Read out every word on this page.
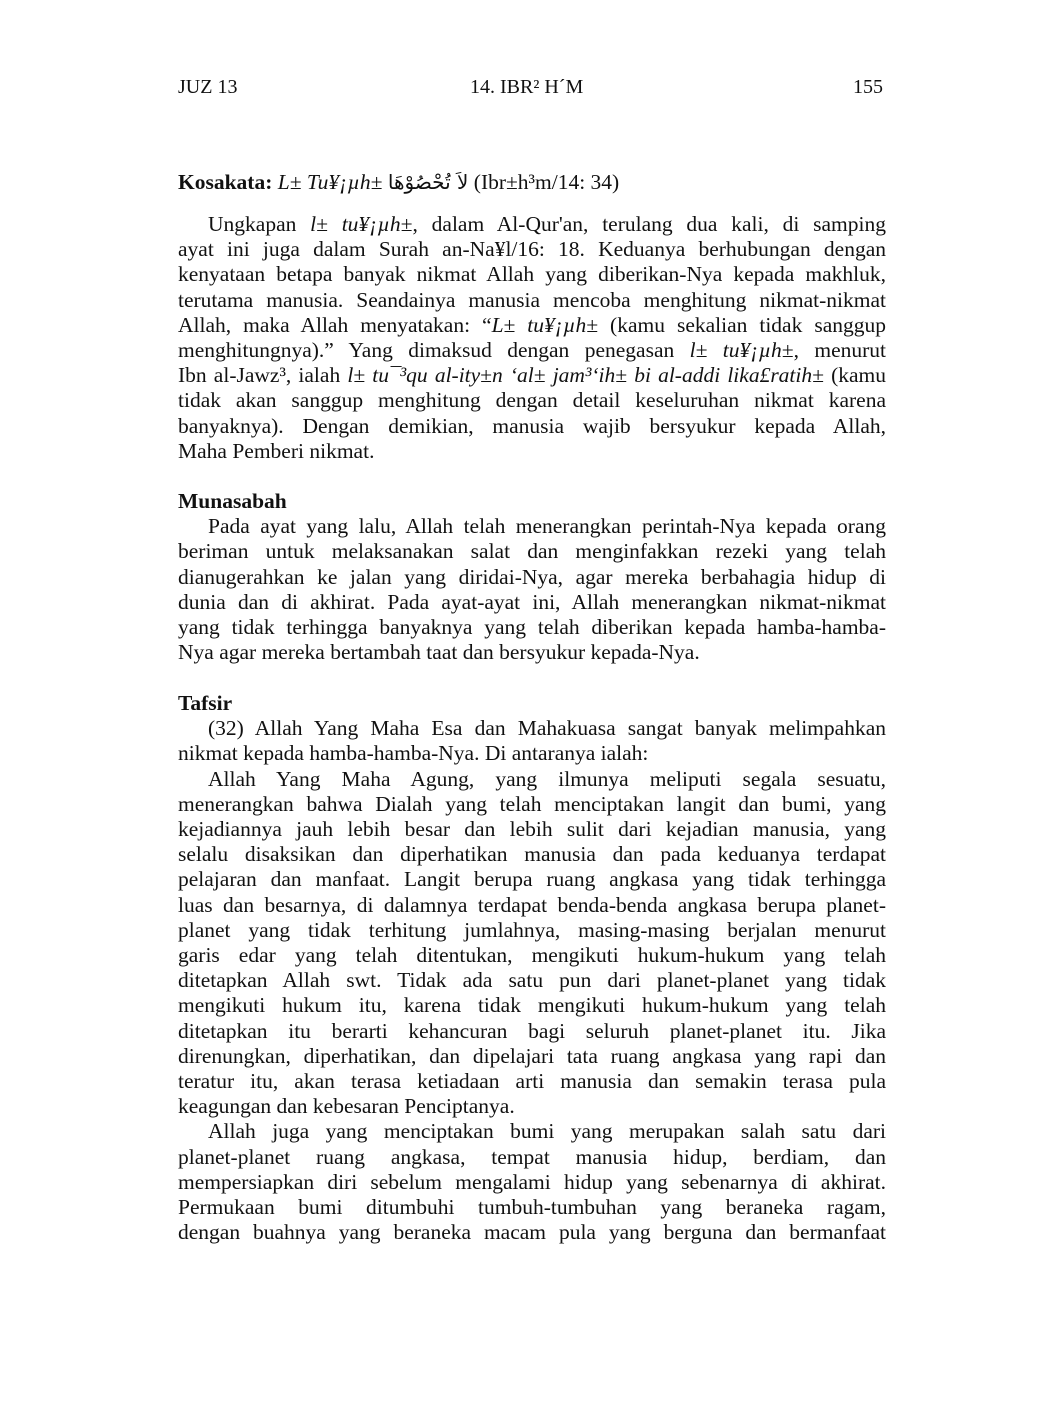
JUZ 13	14. IBR² H´M	155
Kosakata: L± Tu¥¡µh± لاَ تُحْصُوْهَا (Ibr±h³m/14: 34)
Ungkapan l± tu¥¡µh±, dalam Al-Qur'an, terulang dua kali, di samping
ayat ini juga dalam Surah an-Na¥l/16: 18. Keduanya berhubungan dengan
kenyataan betapa banyak nikmat Allah yang diberikan-Nya kepada makhluk,
terutama manusia. Seandainya manusia mencoba menghitung nikmat-nikmat
Allah, maka Allah menyatakan: “L± tu¥¡µh± (kamu sekalian tidak sanggup
menghitungnya).” Yang dimaksud dengan penegasan l± tu¥¡µh±, menurut
Ibn al-Jawz³, ialah l± tu¯³qu al-ity±n ‘al± jam³‘ih± bi al-addi lika£ratih± (kamu
tidak akan sanggup menghitung dengan detail keseluruhan nikmat karena
banyaknya). Dengan demikian, manusia wajib bersyukur kepada Allah,
Maha Pemberi nikmat.
Munasabah
Pada ayat yang lalu, Allah telah menerangkan perintah-Nya kepada orang
beriman untuk melaksanakan salat dan menginfakkan rezeki yang telah
dianugerahkan ke jalan yang diridai-Nya, agar mereka berbahagia hidup di
dunia dan di akhirat. Pada ayat-ayat ini, Allah menerangkan nikmat-nikmat
yang tidak terhingga banyaknya yang telah diberikan kepada hamba-hamba-
Nya agar mereka bertambah taat dan bersyukur kepada-Nya.
Tafsir
(32) Allah Yang Maha Esa dan Mahakuasa sangat banyak melimpahkan
nikmat kepada hamba-hamba-Nya. Di antaranya ialah:
Allah Yang Maha Agung, yang ilmunya meliputi segala sesuatu,
menerangkan bahwa Dialah yang telah menciptakan langit dan bumi, yang
kejadiannya jauh lebih besar dan lebih sulit dari kejadian manusia, yang
selalu disaksikan dan diperhatikan manusia dan pada keduanya terdapat
pelajaran dan manfaat. Langit berupa ruang angkasa yang tidak terhingga
luas dan besarnya, di dalamnya terdapat benda-benda angkasa berupa planet-
planet yang tidak terhitung jumlahnya, masing-masing berjalan menurut
garis edar yang telah ditentukan, mengikuti hukum-hukum yang telah
ditetapkan Allah swt. Tidak ada satu pun dari planet-planet yang tidak
mengikuti hukum itu, karena tidak mengikuti hukum-hukum yang telah
ditetapkan itu berarti kehancuran bagi seluruh planet-planet itu. Jika
direnungkan, diperhatikan, dan dipelajari tata ruang angkasa yang rapi dan
teratur itu, akan terasa ketiadaan arti manusia dan semakin terasa pula
keagungan dan kebesaran Penciptanya.
Allah juga yang menciptakan bumi yang merupakan salah satu dari
planet-planet ruang angkasa, tempat manusia hidup, berdiam, dan
mempersiapkan diri sebelum mengalami hidup yang sebenarnya di akhirat.
Permukaan bumi ditumbuhi tumbuh-tumbuhan yang beraneka ragam,
dengan buahnya yang beraneka macam pula yang berguna dan bermanfaat
